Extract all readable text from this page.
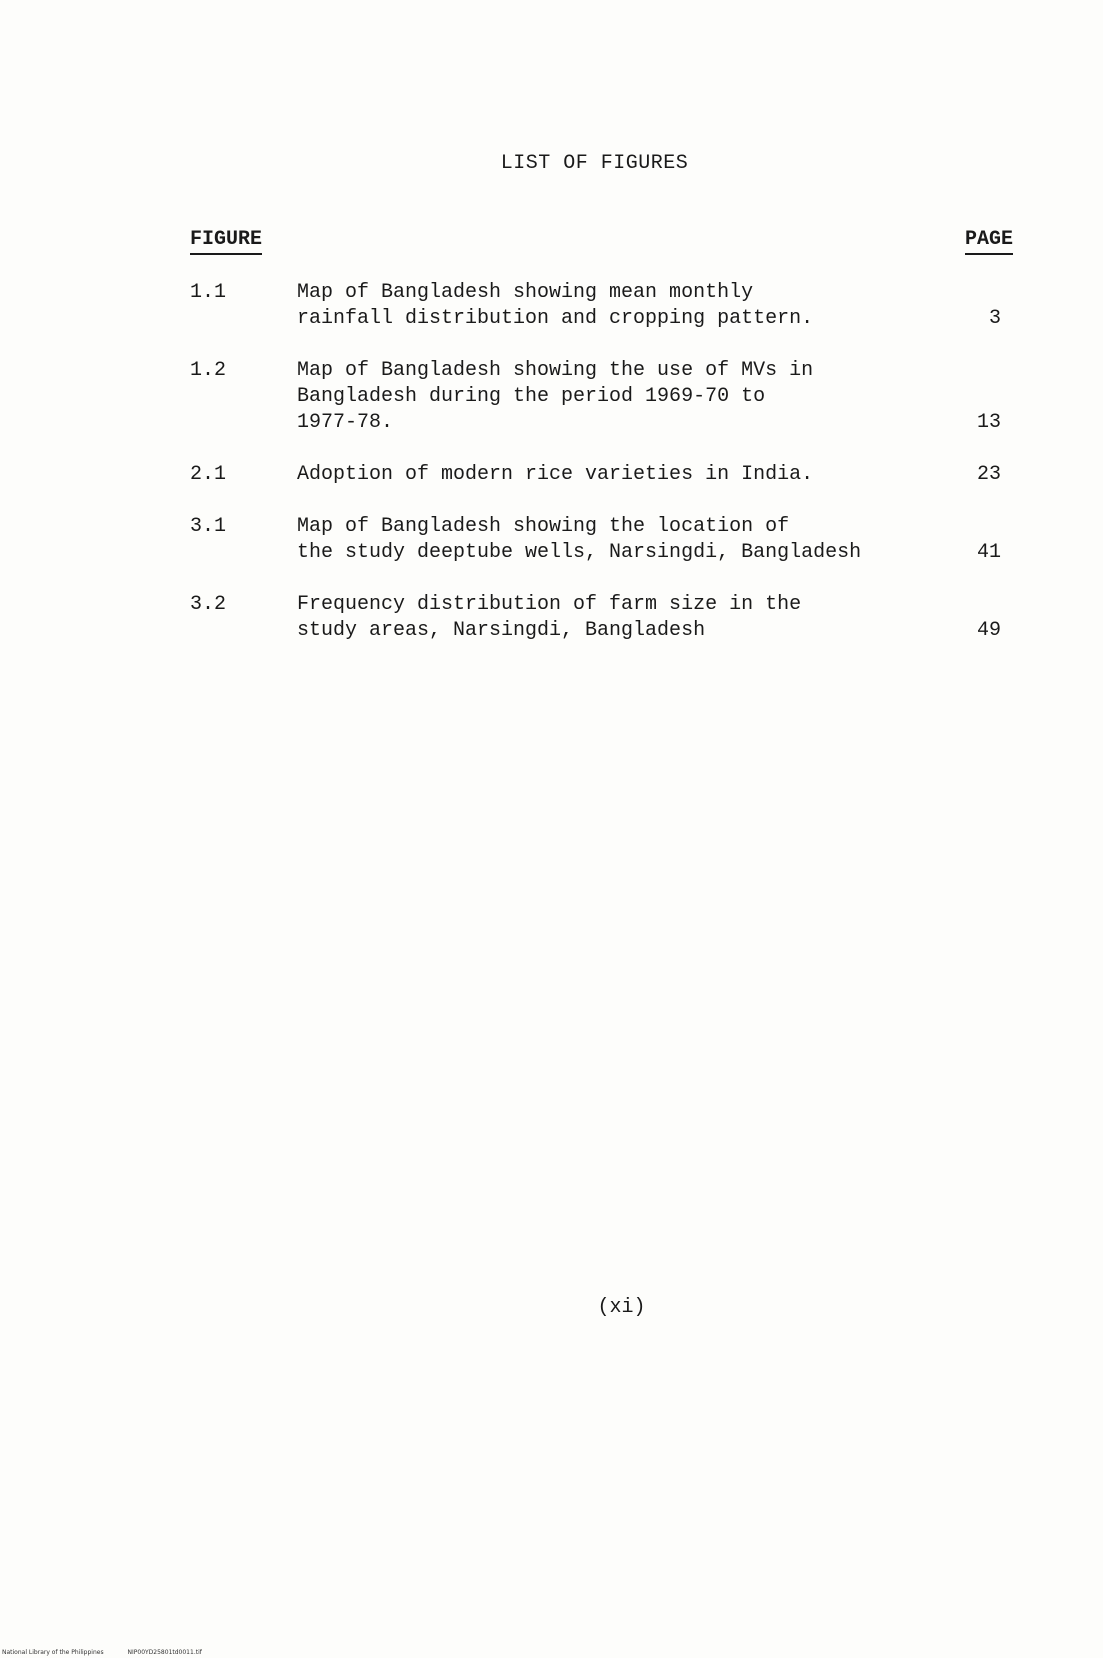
LIST OF FIGURES
FIGURE	PAGE
1.1	Map of Bangladesh showing mean monthly
rainfall distribution and cropping pattern.	3
1.2	Map of Bangladesh showing the use of MVs in
Bangladesh during the period 1969-70 to
1977-78.	13
2.1	Adoption of modern rice varieties in India.	23
3.1	Map of Bangladesh showing the location of
the study deeptube wells, Narsingdi, Bangladesh	41
3.2	Frequency distribution of farm size in the
study areas, Narsingdi, Bangladesh	49
(xi)
National Library of the Philippines	NIP00YD25801td0011.tif
